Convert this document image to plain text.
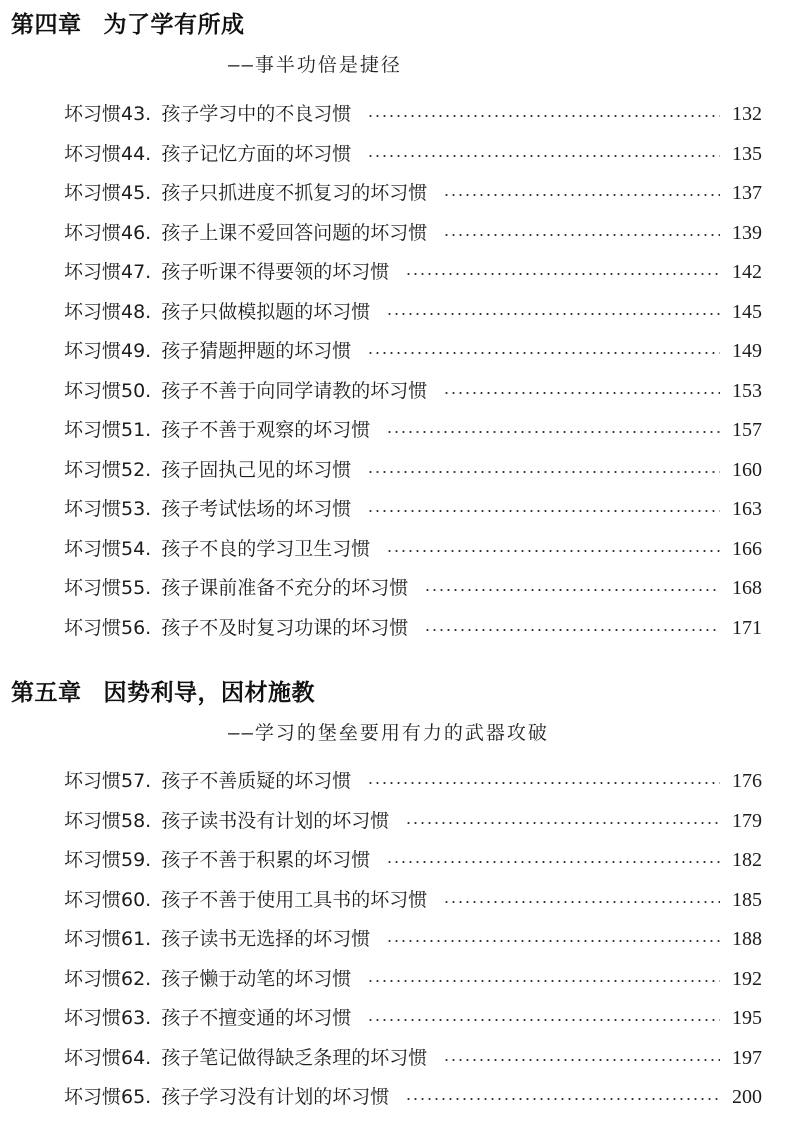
第四章 为了学有所成
——事半功倍是捷径
坏习惯43. 孩子学习中的不良习惯	132
坏习惯44. 孩子记忆方面的坏习惯	135
坏习惯45. 孩子只抓进度不抓复习的坏习惯	137
坏习惯46. 孩子上课不爱回答问题的坏习惯	139
坏习惯47. 孩子听课不得要领的坏习惯	142
坏习惯48. 孩子只做模拟题的坏习惯	145
坏习惯49. 孩子猜题押题的坏习惯	149
坏习惯50. 孩子不善于向同学请教的坏习惯	153
坏习惯51. 孩子不善于观察的坏习惯	157
坏习惯52. 孩子固执己见的坏习惯	160
坏习惯53. 孩子考试怯场的坏习惯	163
坏习惯54. 孩子不良的学习卫生习惯	166
坏习惯55. 孩子课前准备不充分的坏习惯	168
坏习惯56. 孩子不及时复习功课的坏习惯	171
第五章 因势利导，因材施教
——学习的堡垒要用有力的武器攻破
坏习惯57. 孩子不善质疑的坏习惯	176
坏习惯58. 孩子读书没有计划的坏习惯	179
坏习惯59. 孩子不善于积累的坏习惯	182
坏习惯60. 孩子不善于使用工具书的坏习惯	185
坏习惯61. 孩子读书无选择的坏习惯	188
坏习惯62. 孩子懒于动笔的坏习惯	192
坏习惯63. 孩子不擅变通的坏习惯	195
坏习惯64. 孩子笔记做得缺乏条理的坏习惯	197
坏习惯65. 孩子学习没有计划的坏习惯	200
